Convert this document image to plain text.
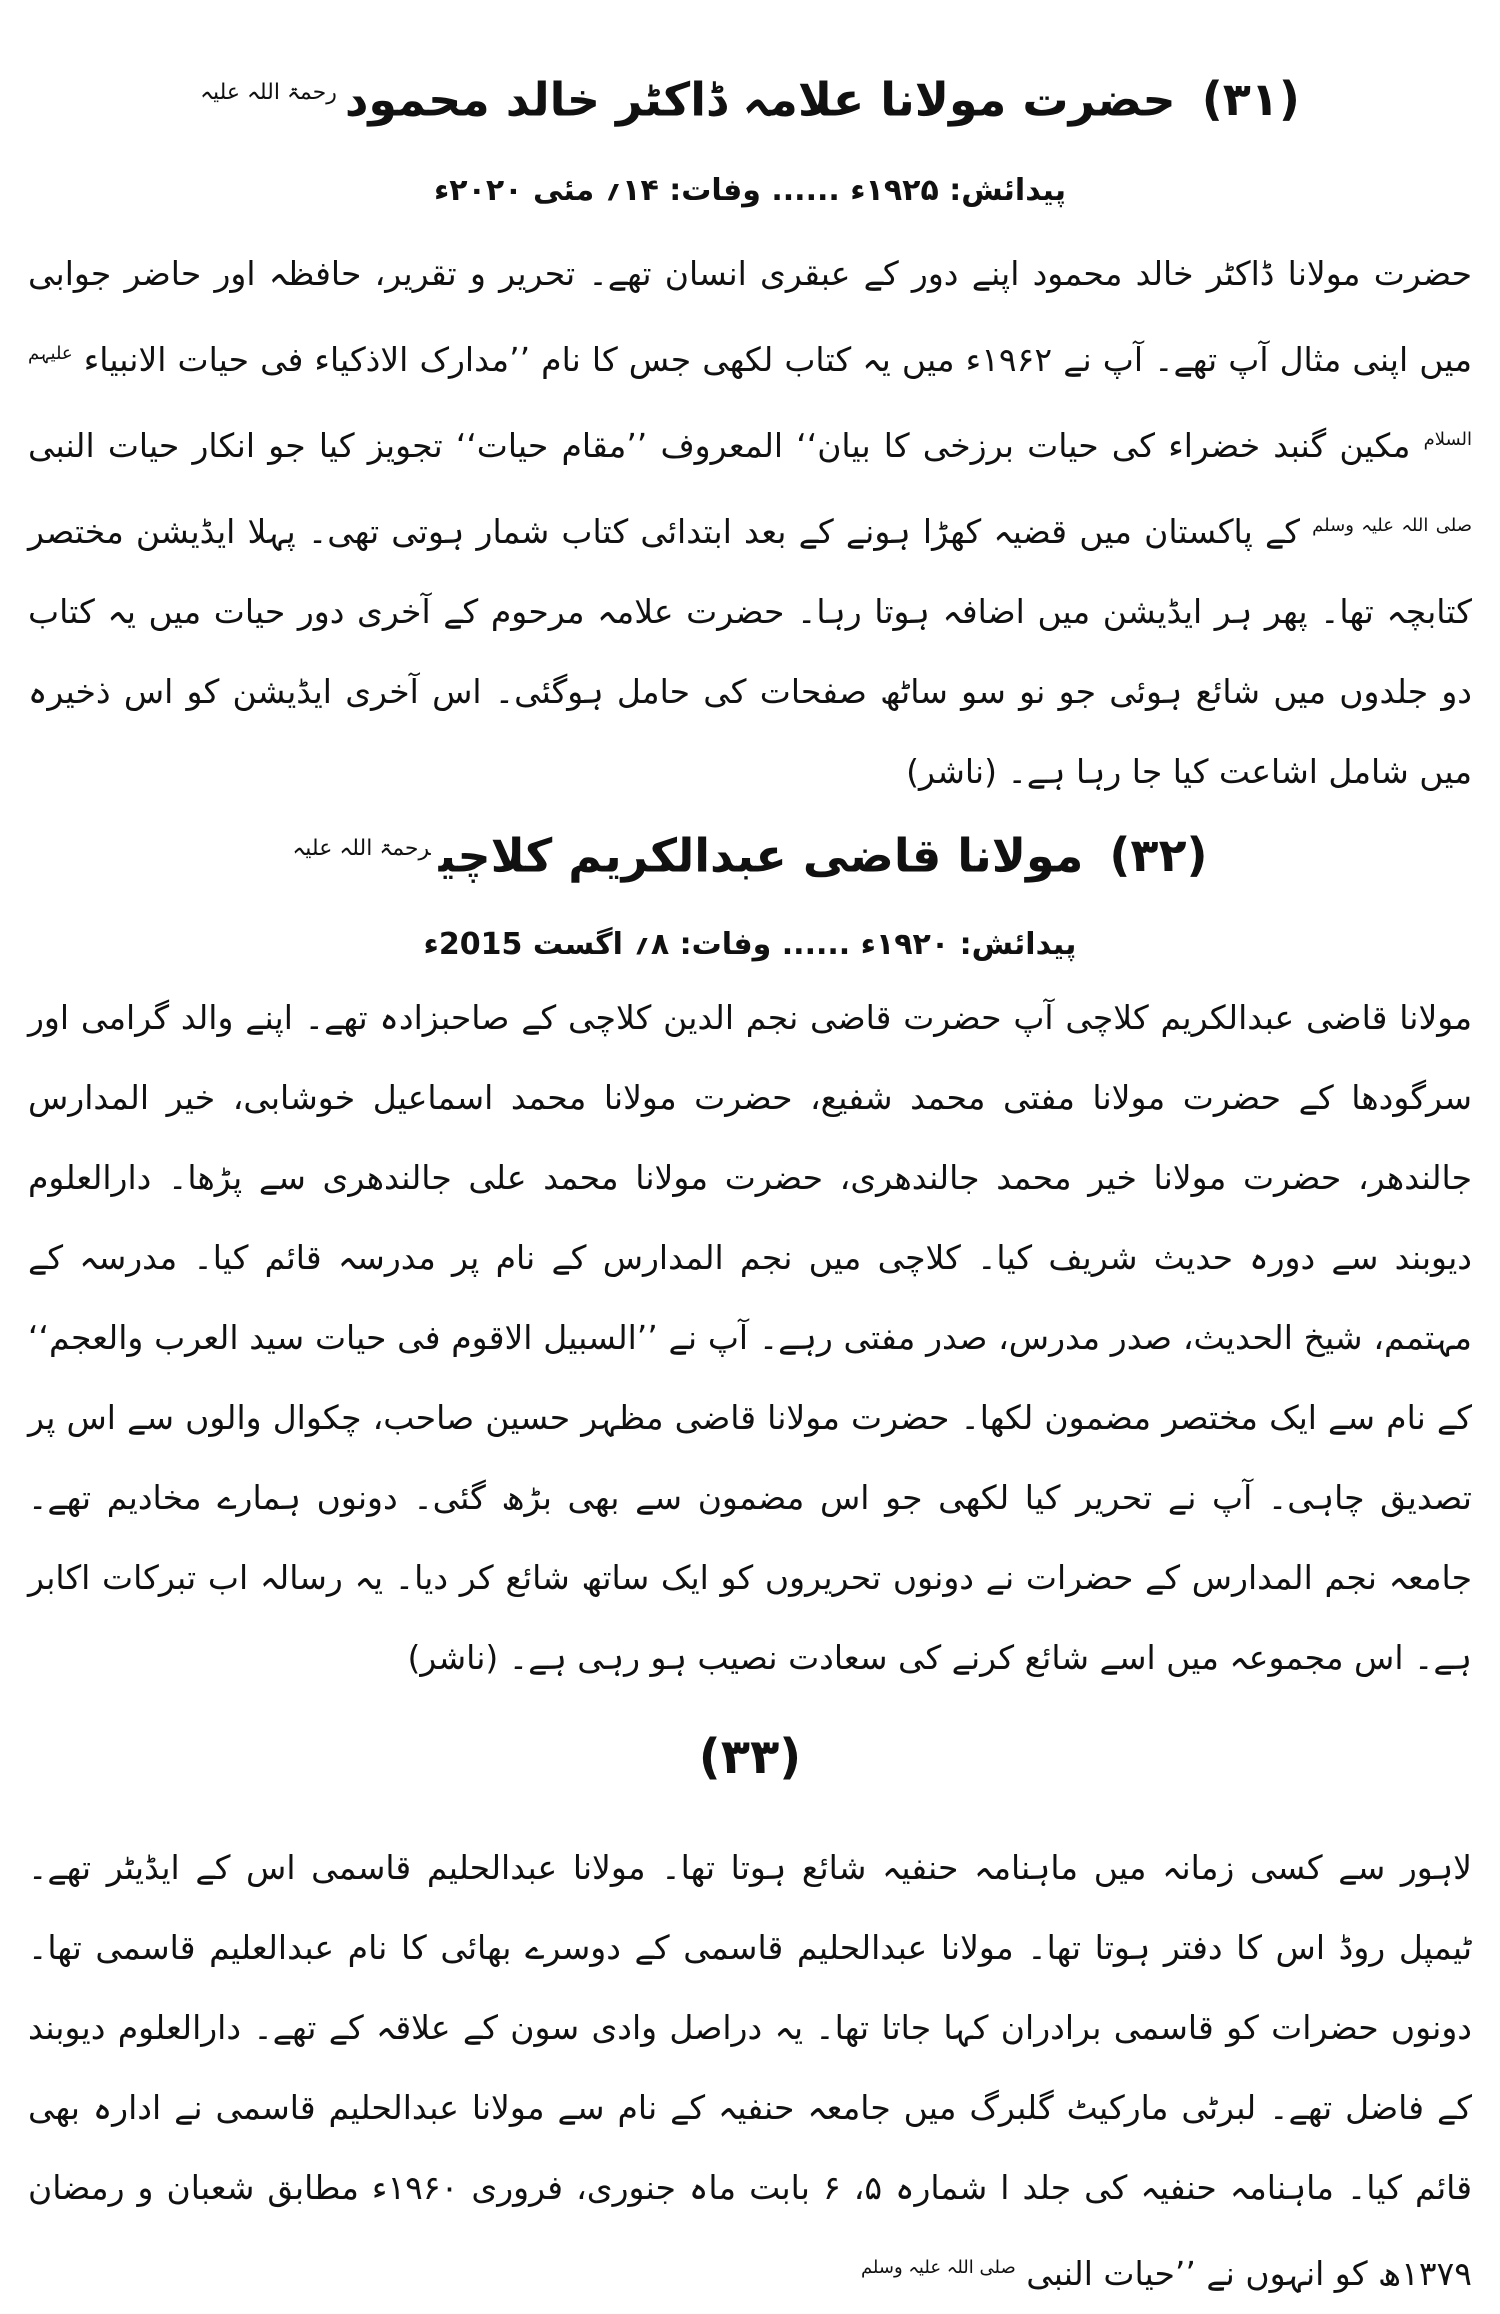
(۳۱)حضرت مولانا علامہ ڈاکٹر خالد محمود$^{رحمۃ اللہ علیہ}$

پیدائش: ۱۹۲۵ء ...... وفات: ۱۴؍ مئی ۲۰۲۰ء

حضرت مولانا ڈاکٹر خالد محمود اپنے دور کے عبقری انسان تھے۔ تحریر و تقریر، حافظہ اور حاضر جوابی میں اپنی مثال آپ تھے۔ آپ نے ۱۹۶۲ء میں یہ کتاب لکھی جس کا نام ’’مدارک الاذکیاء فی حیات الانبیاء $^{علیہم السلام}$ مکین گنبد خضراء کی حیات برزخی کا بیان‘‘ المعروف ’’مقام حیات‘‘ تجویز کیا جو انکار حیات النبی $^{صلی اللہ علیہ وسلم}$ کے پاکستان میں قضیہ کھڑا ہونے کے بعد ابتدائی کتاب شمار ہوتی تھی۔ پہلا ایڈیشن مختصر کتابچہ تھا۔ پھر ہر ایڈیشن میں اضافہ ہوتا رہا۔ حضرت علامہ مرحوم کے آخری دور حیات میں یہ کتاب دو جلدوں میں شائع ہوئی جو نو سو ساٹھ صفحات کی حامل ہوگئی۔ اس آخری ایڈیشن کو اس ذخیرہ میں شامل اشاعت کیا جا رہا ہے۔ (ناشر)
(۳۲)مولانا قاضی عبدالکریم کلاچی$^{رحمۃ اللہ علیہ}$

پیدائش: ۱۹۲۰ء ...... وفات: ۸؍ اگست 2015ء

مولانا قاضی عبدالکریم کلاچی آپ حضرت قاضی نجم الدین کلاچی کے صاحبزادہ تھے۔ اپنے والد گرامی اور سرگودھا کے حضرت مولانا مفتی محمد شفیع، حضرت مولانا محمد اسماعیل خوشابی، خیر المدارس جالندھر، حضرت مولانا خیر محمد جالندھری، حضرت مولانا محمد علی جالندھری سے پڑھا۔ دارالعلوم دیوبند سے دورہ حدیث شریف کیا۔ کلاچی میں نجم المدارس کے نام پر مدرسہ قائم کیا۔ مدرسہ کے مہتمم، شیخ الحدیث، صدر مدرس، صدر مفتی رہے۔ آپ نے ’’السبیل الاقوم فی حیات سید العرب والعجم‘‘ کے نام سے ایک مختصر مضمون لکھا۔ حضرت مولانا قاضی مظہر حسین صاحب، چکوال والوں سے اس پر تصدیق چاہی۔ آپ نے تحریر کیا لکھی جو اس مضمون سے بھی بڑھ گئی۔ دونوں ہمارے مخادیم تھے۔ جامعہ نجم المدارس کے حضرات نے دونوں تحریروں کو ایک ساتھ شائع کر دیا۔ یہ رسالہ اب تبرکات اکابر ہے۔ اس مجموعہ میں اسے شائع کرنے کی سعادت نصیب ہو رہی ہے۔ (ناشر)
(۳۳)
لاہور سے کسی زمانہ میں ماہنامہ حنفیہ شائع ہوتا تھا۔ مولانا عبدالحلیم قاسمی اس کے ایڈیٹر تھے۔ ٹیمپل روڈ اس کا دفتر ہوتا تھا۔ مولانا عبدالحلیم قاسمی کے دوسرے بھائی کا نام عبدالعلیم قاسمی تھا۔ دونوں حضرات کو قاسمی برادران کہا جاتا تھا۔ یہ دراصل وادی سون کے علاقہ کے تھے۔ دارالعلوم دیوبند کے فاضل تھے۔ لبرٹی مارکیٹ گلبرگ میں جامعہ حنفیہ کے نام سے مولانا عبدالحلیم قاسمی نے ادارہ بھی قائم کیا۔ ماہنامہ حنفیہ کی جلد ا شمارہ ۵، ۶ بابت ماہ جنوری، فروری ۱۹۶۰ء مطابق شعبان و رمضان ۱۳۷۹ھ کو انہوں نے ’’حیات النبی $^{صلی اللہ علیہ وسلم}$
